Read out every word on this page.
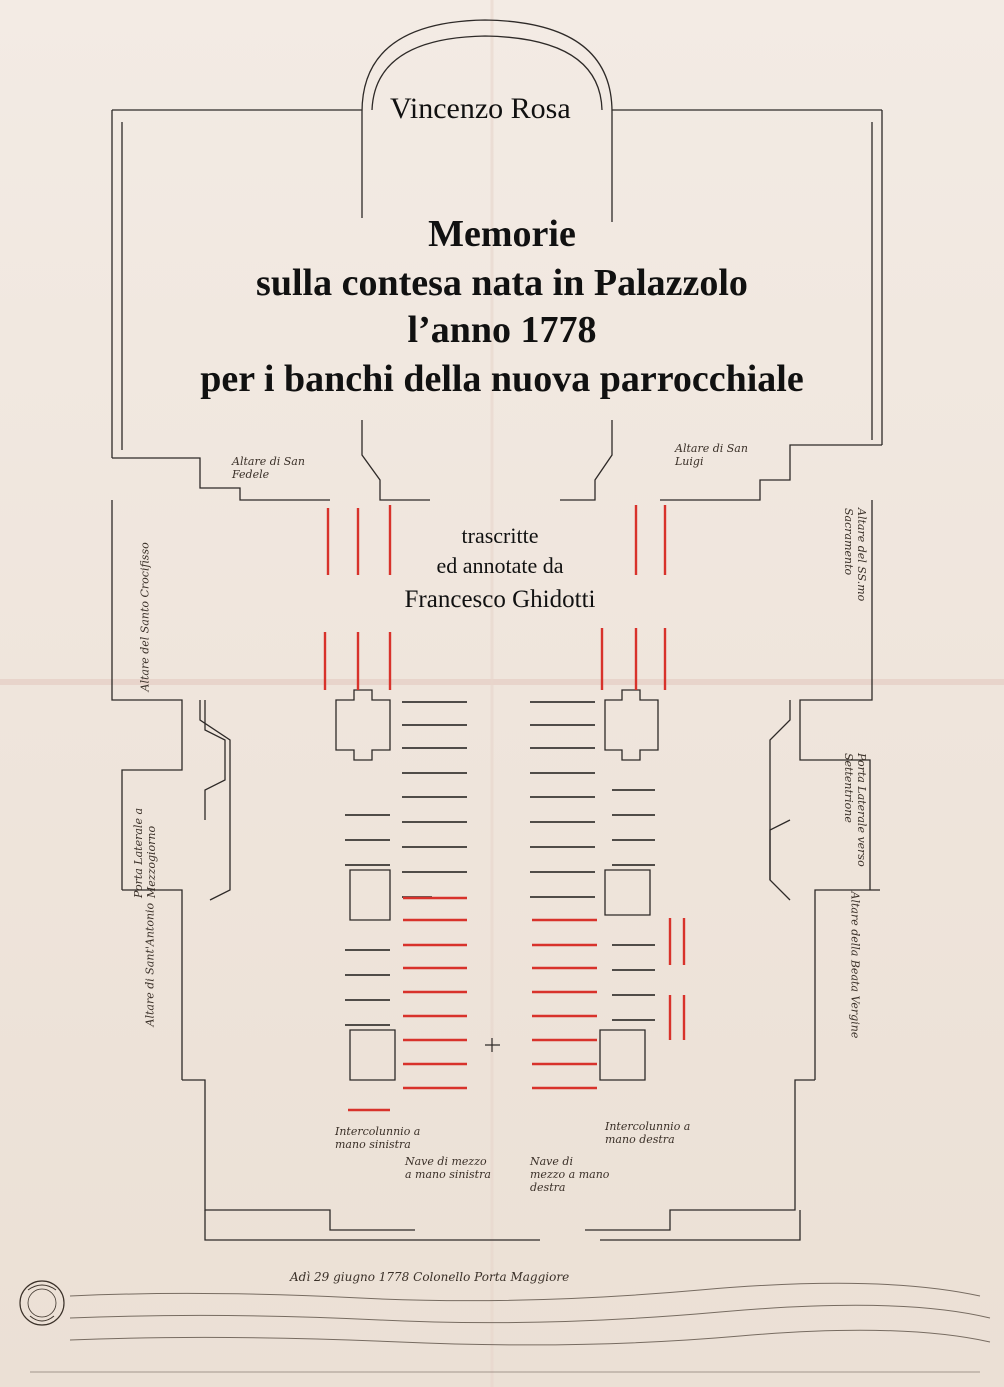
Vincenzo Rosa
Memorie
sulla contesa nata in Palazzolo
l’anno 1778
per i banchi della nuova parrocchiale
trascritte
ed annotate da
Francesco Ghidotti
Altare di San Fedele
Altare di San Luigi
Altare del Santo Crocifisso	Altare del SS.mo Sacramento
Porta Laterale a Mezzogiorno	Porta Laterale verso Settentrione
Altare di Sant'Antonio	Altare della Beata Vergine
Intercolunnio a mano sinistra
Intercolunnio a mano destra
Nave di mezzo a mano sinistra
Nave di mezzo a mano destra
Adì 29 giugno 1778 Colonello Porta Maggiore
